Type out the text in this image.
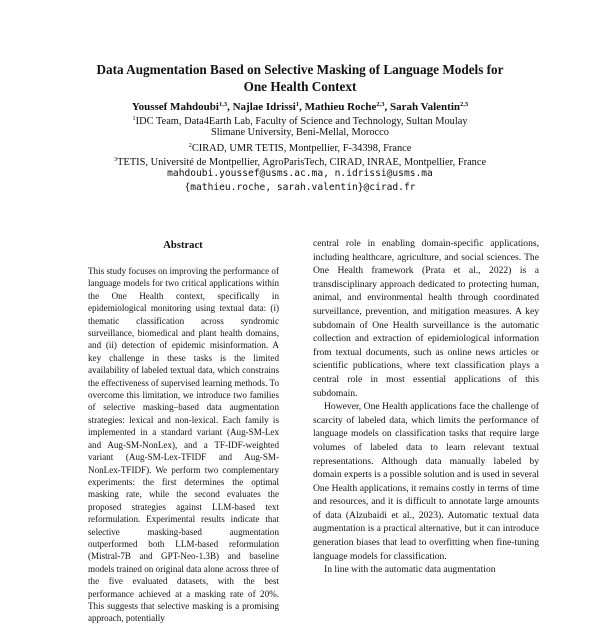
Data Augmentation Based on Selective Masking of Language Models for
One Health Context
Youssef Mahdoubi$^{1,3}$, Najlae Idrissi$^1$, Mathieu Roche$^{2,3}$, Sarah Valentin$^{2,3}$
$^1$IDC Team, Data4Earth Lab, Faculty of Science and Technology, Sultan Moulay
Slimane University, Beni-Mellal, Morocco
$^2$CIRAD, UMR TETIS, Montpellier, F-34398, France
$^3$TETIS, Université de Montpellier, AgroParisTech, CIRAD, INRAE, Montpellier, France
mahdoubi.youssef@usms.ac.ma, n.idrissi@usms.ma
{mathieu.roche, sarah.valentin}@cirad.fr
Abstract
This study focuses on improving the performance of language models for two critical applications within the One Health context, specifically in epidemiological monitoring using textual data: (i) thematic classification across syndromic surveillance, biomedical and plant health domains, and (ii) detection of epidemic misinformation. A key challenge in these tasks is the limited availability of labeled textual data, which constrains the effectiveness of supervised learning methods. To overcome this limitation, we introduce two families of selective masking–based data augmentation strategies: lexical and non-lexical. Each family is implemented in a standard variant (Aug-SM-Lex and Aug-SM-NonLex), and a TF-IDF-weighted variant (Aug-SM-Lex-TFIDF and Aug-SM-NonLex-TFIDF). We perform two complementary experiments: the first determines the optimal masking rate, while the second evaluates the proposed strategies against LLM-based text reformulation. Experimental results indicate that selective masking-based augmentation outperformed both LLM-based reformulation (Mistral-7B and GPT-Neo-1.3B) and baseline models trained on original data alone across three of the five evaluated datasets, with the best performance achieved at a masking rate of 20%. This suggests that selective masking is a promising approach, potentially

central role in enabling domain-specific applications, including healthcare, agriculture, and social sciences. The One Health framework (Prata et al., 2022) is a transdisciplinary approach dedicated to protecting human, animal, and environmental health through coordinated surveillance, prevention, and mitigation measures. A key subdomain of One Health surveillance is the automatic collection and extraction of epidemiological information from textual documents, such as online news articles or scientific publications, where text classification plays a central role in most essential applications of this subdomain.

However, One Health applications face the challenge of scarcity of labeled data, which limits the performance of language models on classification tasks that require large volumes of labeled data to learn relevant textual representations. Although data manually labeled by domain experts is a possible solution and is used in several One Health applications, it remains costly in terms of time and resources, and it is difficult to annotate large amounts of data (Alzubaidi et al., 2023). Automatic textual data augmentation is a practical alternative, but it can introduce generation biases that lead to overfitting when fine-tuning language models for classification.

In line with the automatic data augmentation
